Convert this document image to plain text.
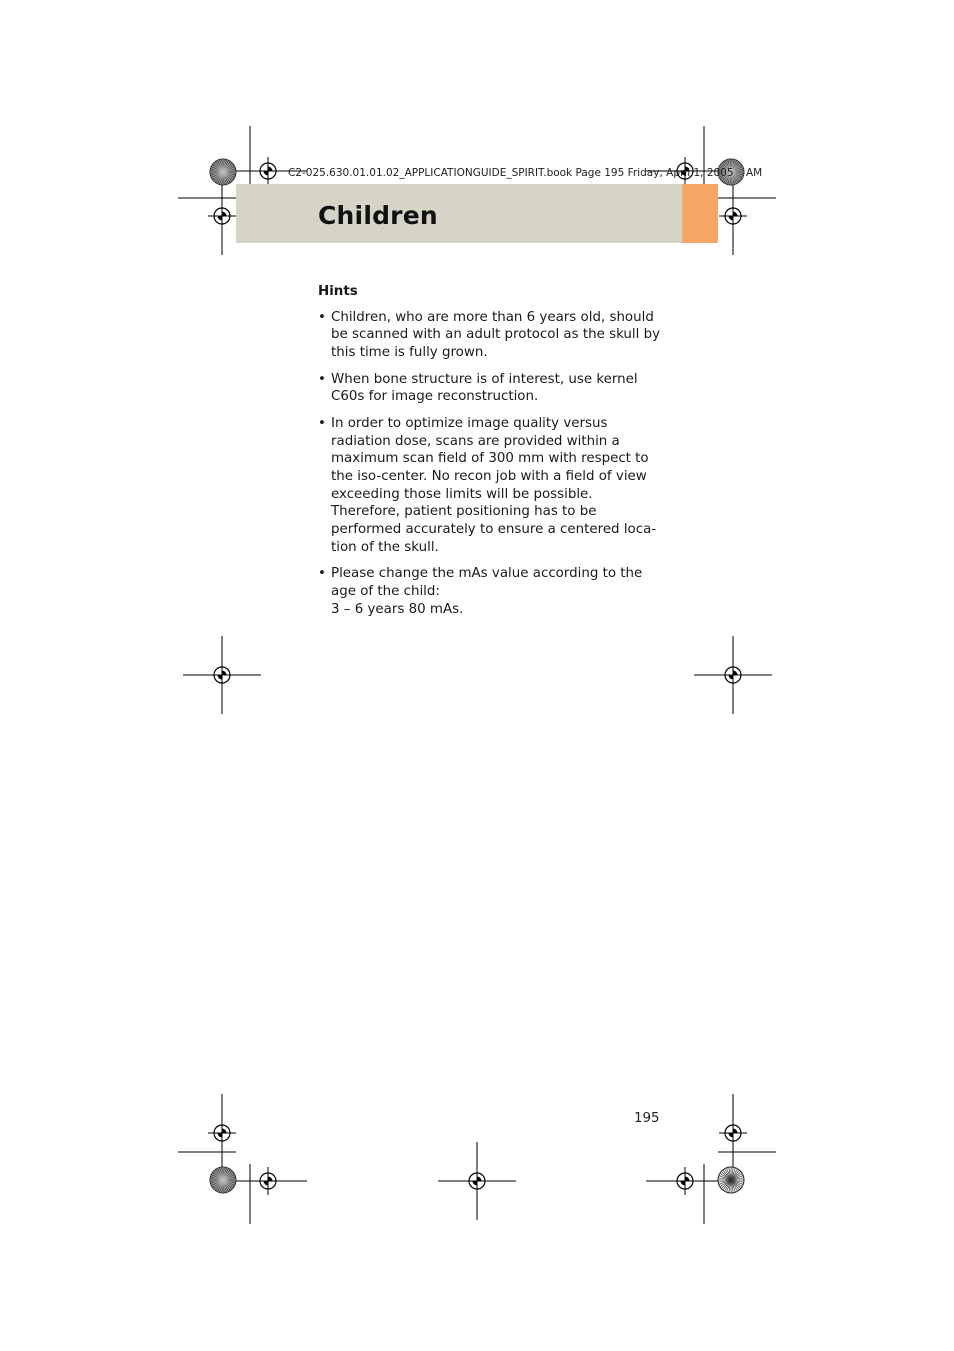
C2-025.630.01.01.02_APPLICATIONGUIDE_SPIRIT.book Page 195 Friday, April 1, 2005 AM
Children
Hints
• Children, who are more than 6 years old, should be scanned with an adult protocol as the skull by this time is fully grown.
• When bone structure is of interest, use kernel C60s for image reconstruction.
• In order to optimize image quality versus radiation dose, scans are provided within a maximum scan field of 300 mm with respect to the iso-center. No recon job with a field of view exceeding those limits will be possible. Therefore, patient positioning has to be performed accurately to ensure a centered loca-tion of the skull.
• Please change the mAs value according to the age of the child:
3 – 6 years 80 mAs.
195
